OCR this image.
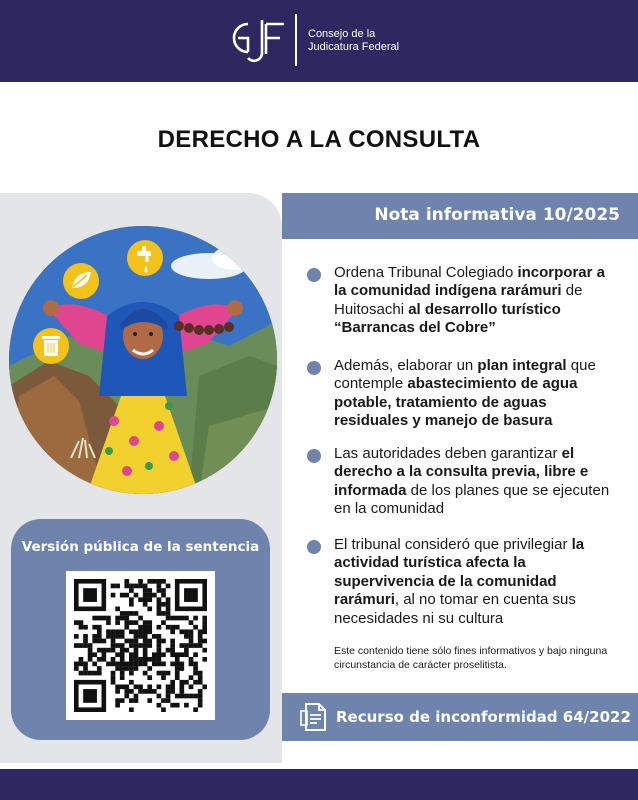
Consejo de la
Judicatura Federal
DERECHO A LA CONSULTA
Nota informativa 10/2025
Versión pública de la sentencia
Ordena Tribunal Colegiado incorporar a la comunidad indígena rarámuri de Huitosachi al desarrollo turístico “Barrancas del Cobre”
Además, elaborar un plan integral que contemple abastecimiento de agua potable, tratamiento de aguas residuales y manejo de basura
Las autoridades deben garantizar el derecho a la consulta previa, libre e informada de los planes que se ejecuten en la comunidad
El tribunal consideró que privilegiar la actividad turística afecta la supervivencia de la comunidad rarámuri, al no tomar en cuenta sus necesidades ni su cultura
Este contenido tiene sólo fines informativos y bajo ninguna circunstancia de carácter proselitista.
Recurso de inconformidad 64/2022
